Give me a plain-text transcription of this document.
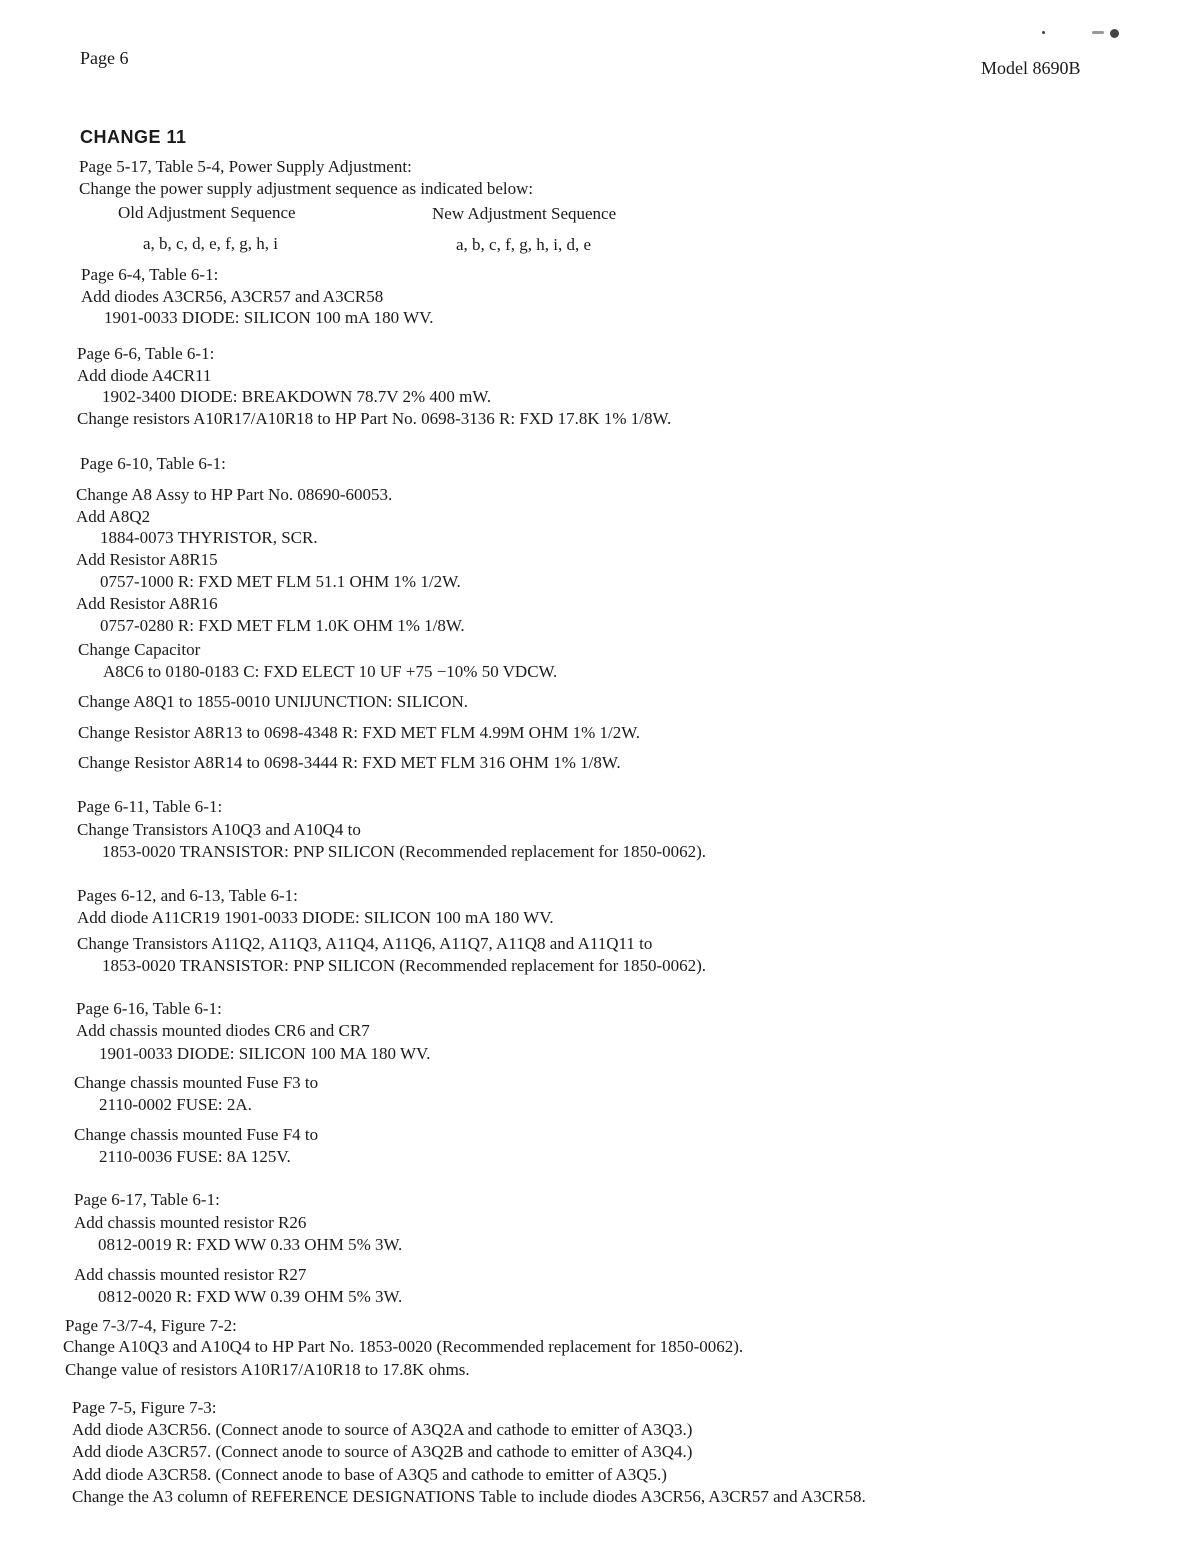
Page 6	Model 8690B
CHANGE 11
Page 5-17, Table 5-4, Power Supply Adjustment:
Change the power supply adjustment sequence as indicated below:
Old Adjustment Sequence	New Adjustment Sequence
a, b, c, d, e, f, g, h, i	a, b, c, f, g, h, i, d, e
Page 6-4, Table 6-1:
Add diodes A3CR56, A3CR57 and A3CR58
1901-0033 DIODE: SILICON 100 mA 180 WV.
Page 6-6, Table 6-1:
Add diode A4CR11
1902-3400 DIODE: BREAKDOWN 78.7V 2% 400 mW.
Change resistors A10R17/A10R18 to HP Part No. 0698-3136 R: FXD 17.8K 1% 1/8W.
Page 6-10, Table 6-1:
Change A8 Assy to HP Part No. 08690-60053.
Add A8Q2
1884-0073 THYRISTOR, SCR.
Add Resistor A8R15
0757-1000 R: FXD MET FLM 51.1 OHM 1% 1/2W.
Add Resistor A8R16
0757-0280 R: FXD MET FLM 1.0K OHM 1% 1/8W.
Change Capacitor
A8C6 to 0180-0183 C: FXD ELECT 10 UF +75 −10% 50 VDCW.
Change A8Q1 to 1855-0010 UNIJUNCTION: SILICON.
Change Resistor A8R13 to 0698-4348 R: FXD MET FLM 4.99M OHM 1% 1/2W.
Change Resistor A8R14 to 0698-3444 R: FXD MET FLM 316 OHM 1% 1/8W.
Page 6-11, Table 6-1:
Change Transistors A10Q3 and A10Q4 to
1853-0020 TRANSISTOR: PNP SILICON (Recommended replacement for 1850-0062).
Pages 6-12, and 6-13, Table 6-1:
Add diode A11CR19 1901-0033 DIODE: SILICON 100 mA 180 WV.
Change Transistors A11Q2, A11Q3, A11Q4, A11Q6, A11Q7, A11Q8 and A11Q11 to
1853-0020 TRANSISTOR: PNP SILICON (Recommended replacement for 1850-0062).
Page 6-16, Table 6-1:
Add chassis mounted diodes CR6 and CR7
1901-0033 DIODE: SILICON 100 MA 180 WV.
Change chassis mounted Fuse F3 to
2110-0002 FUSE: 2A.
Change chassis mounted Fuse F4 to
2110-0036 FUSE: 8A 125V.
Page 6-17, Table 6-1:
Add chassis mounted resistor R26
0812-0019 R: FXD WW 0.33 OHM 5% 3W.
Add chassis mounted resistor R27
0812-0020 R: FXD WW 0.39 OHM 5% 3W.
Page 7-3/7-4, Figure 7-2:
Change A10Q3 and A10Q4 to HP Part No. 1853-0020 (Recommended replacement for 1850-0062).
Change value of resistors A10R17/A10R18 to 17.8K ohms.
Page 7-5, Figure 7-3:
Add diode A3CR56. (Connect anode to source of A3Q2A and cathode to emitter of A3Q3.)
Add diode A3CR57. (Connect anode to source of A3Q2B and cathode to emitter of A3Q4.)
Add diode A3CR58. (Connect anode to base of A3Q5 and cathode to emitter of A3Q5.)
Change the A3 column of REFERENCE DESIGNATIONS Table to include diodes A3CR56, A3CR57 and A3CR58.
